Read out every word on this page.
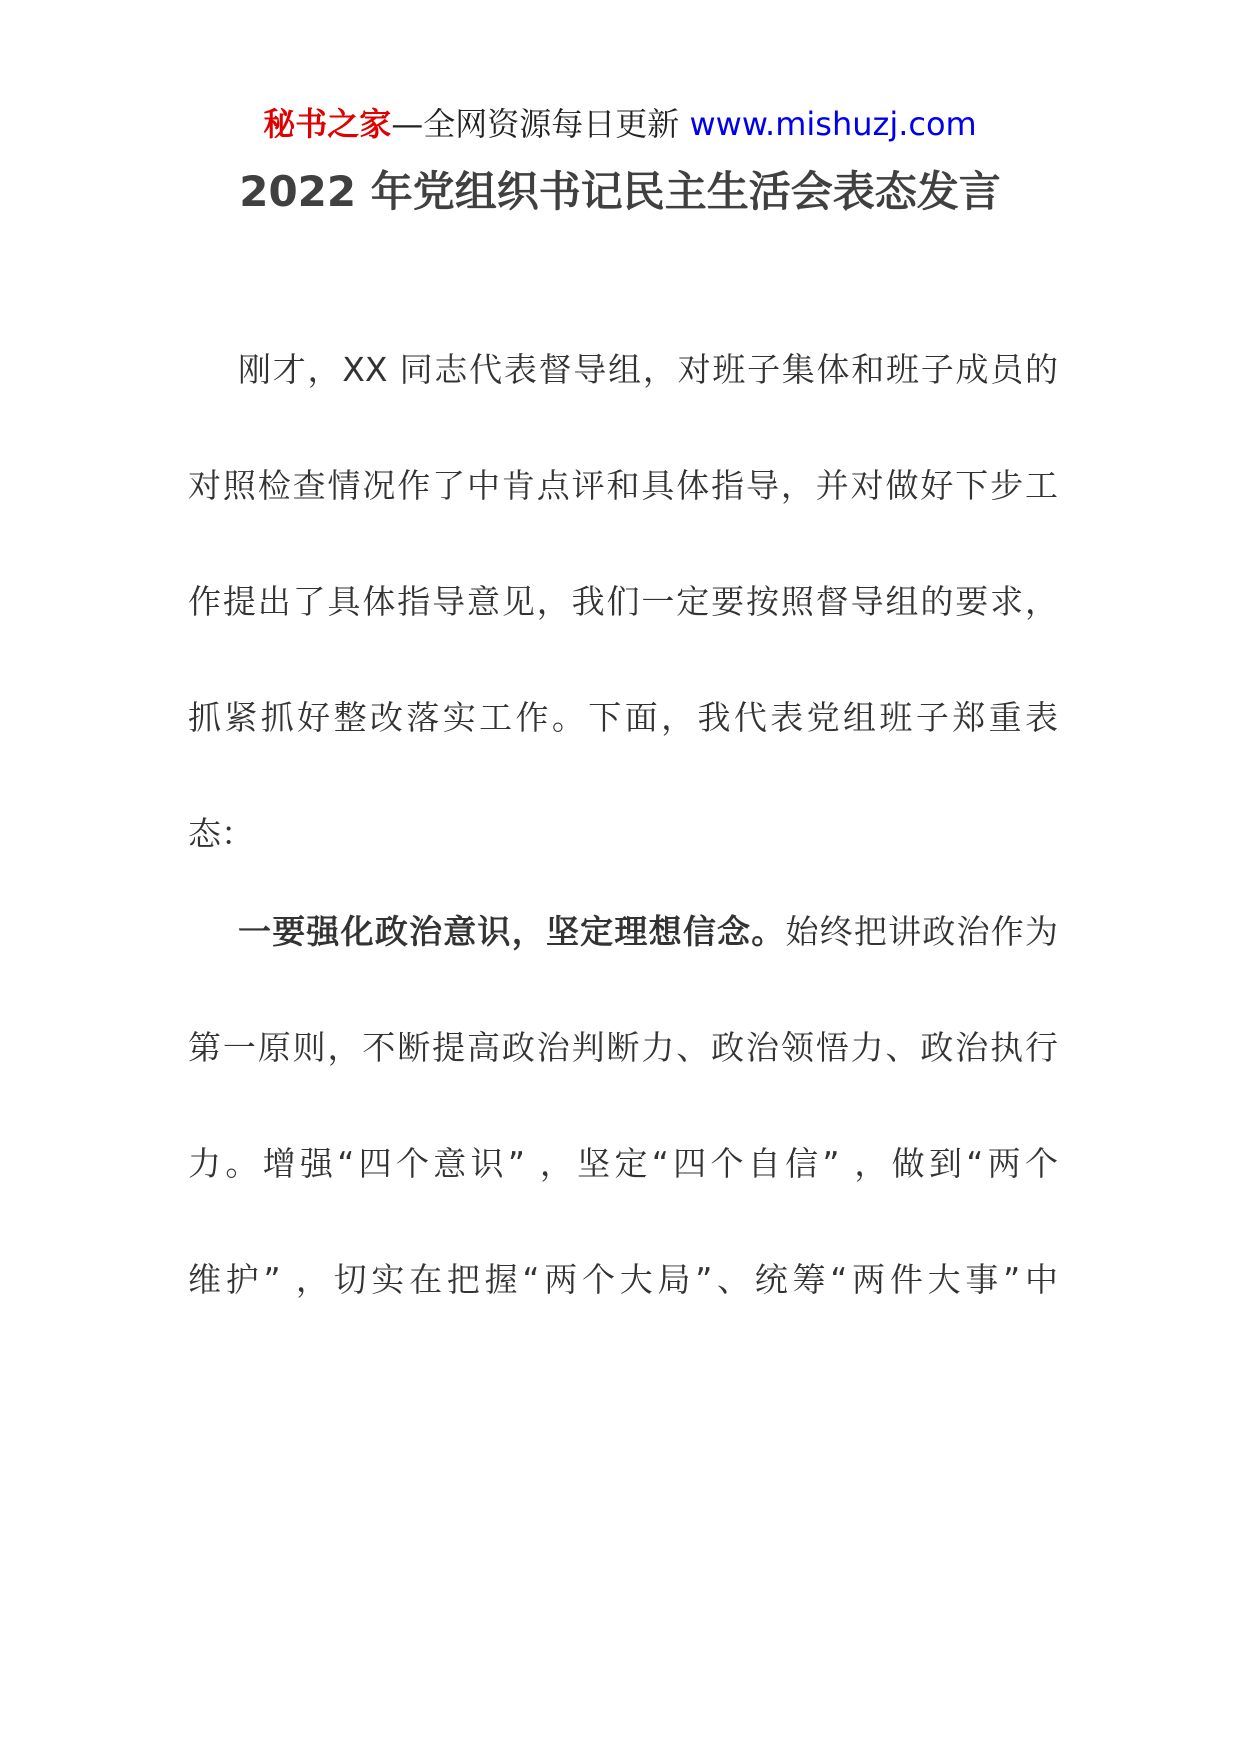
秘书之家—全网资源每日更新 www.mishuzj.com
2022 年党组织书记民主生活会表态发言
刚才，XX 同志代表督导组，对班子集体和班子成员的
对照检查情况作了中肯点评和具体指导，并对做好下步工
作提出了具体指导意见，我们一定要按照督导组的要求，
抓紧抓好整改落实工作。下面，我代表党组班子郑重表
态：
一要强化政治意识，坚定理想信念。始终把讲政治作为
第一原则，不断提高政治判断力、政治领悟力、政治执行
力。增强“四个意识” ，坚定“四个自信” ，做到“两个
维护” ，切实在把握“两个大局”、统筹“两件大事”中
